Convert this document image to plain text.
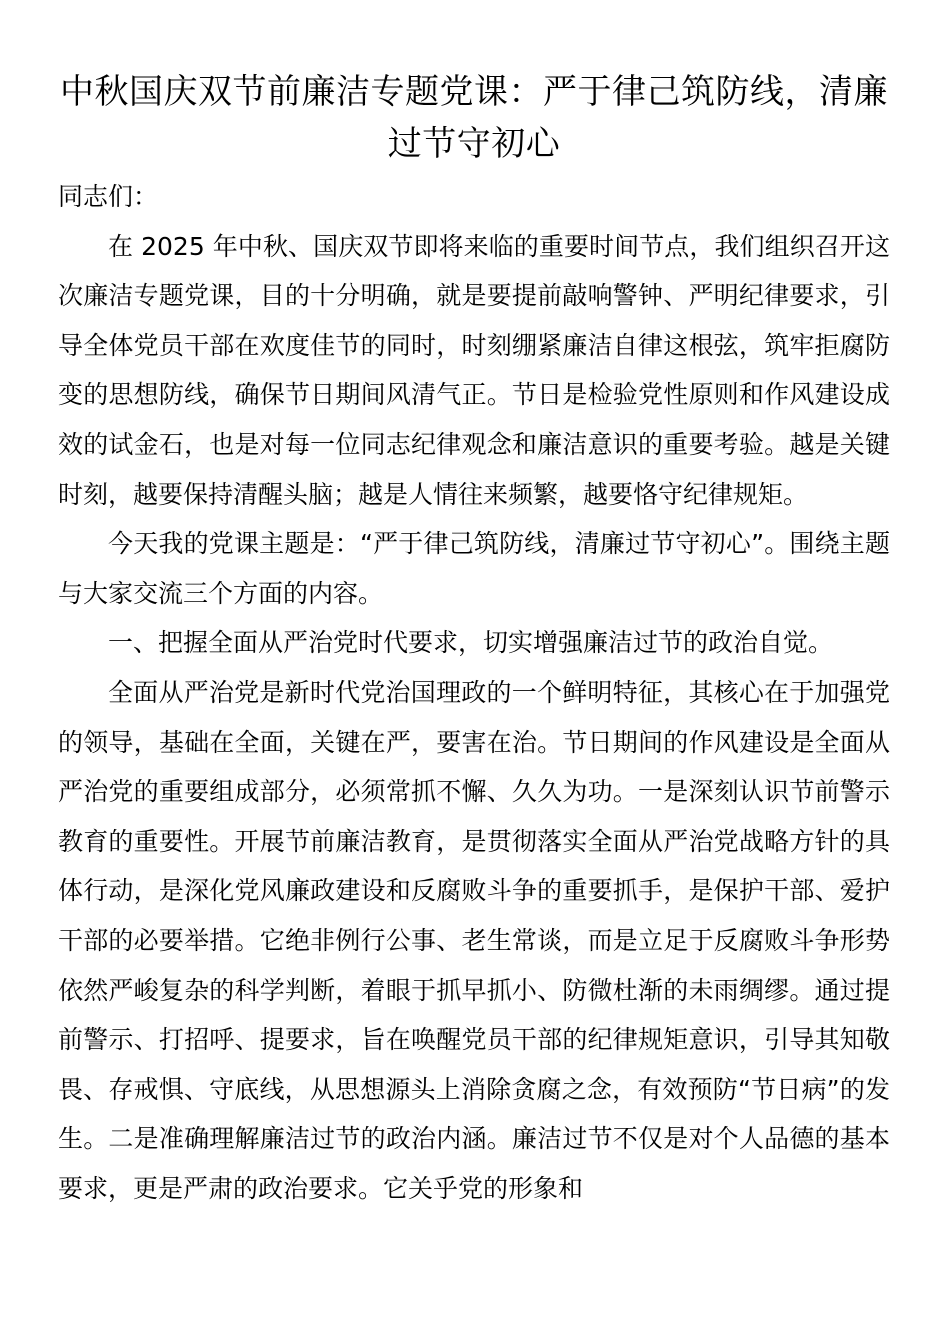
中秋国庆双节前廉洁专题党课：严于律己筑防线，清廉过节守初心

同志们：

在 2025 年中秋、国庆双节即将来临的重要时间节点，我们组织召开这次廉洁专题党课，目的十分明确，就是要提前敲响警钟、严明纪律要求，引导全体党员干部在欢度佳节的同时，时刻绷紧廉洁自律这根弦，筑牢拒腐防变的思想防线，确保节日期间风清气正。节日是检验党性原则和作风建设成效的试金石，也是对每一位同志纪律观念和廉洁意识的重要考验。越是关键时刻，越要保持清醒头脑；越是人情往来频繁，越要恪守纪律规矩。

今天我的党课主题是：“严于律己筑防线，清廉过节守初心”。围绕主题与大家交流三个方面的内容。

一、把握全面从严治党时代要求，切实增强廉洁过节的政治自觉。

全面从严治党是新时代党治国理政的一个鲜明特征，其核心在于加强党的领导，基础在全面，关键在严，要害在治。节日期间的作风建设是全面从严治党的重要组成部分，必须常抓不懈、久久为功。一是深刻认识节前警示教育的重要性。开展节前廉洁教育，是贯彻落实全面从严治党战略方针的具体行动，是深化党风廉政建设和反腐败斗争的重要抓手，是保护干部、爱护干部的必要举措。它绝非例行公事、老生常谈，而是立足于反腐败斗争形势依然严峻复杂的科学判断，着眼于抓早抓小、防微杜渐的未雨绸缪。通过提前警示、打招呼、提要求，旨在唤醒党员干部的纪律规矩意识，引导其知敬畏、存戒惧、守底线，从思想源头上消除贪腐之念，有效预防“节日病”的发生。二是准确理解廉洁过节的政治内涵。廉洁过节不仅是对个人品德的基本要求，更是严肃的政治要求。它关乎党的形象和
